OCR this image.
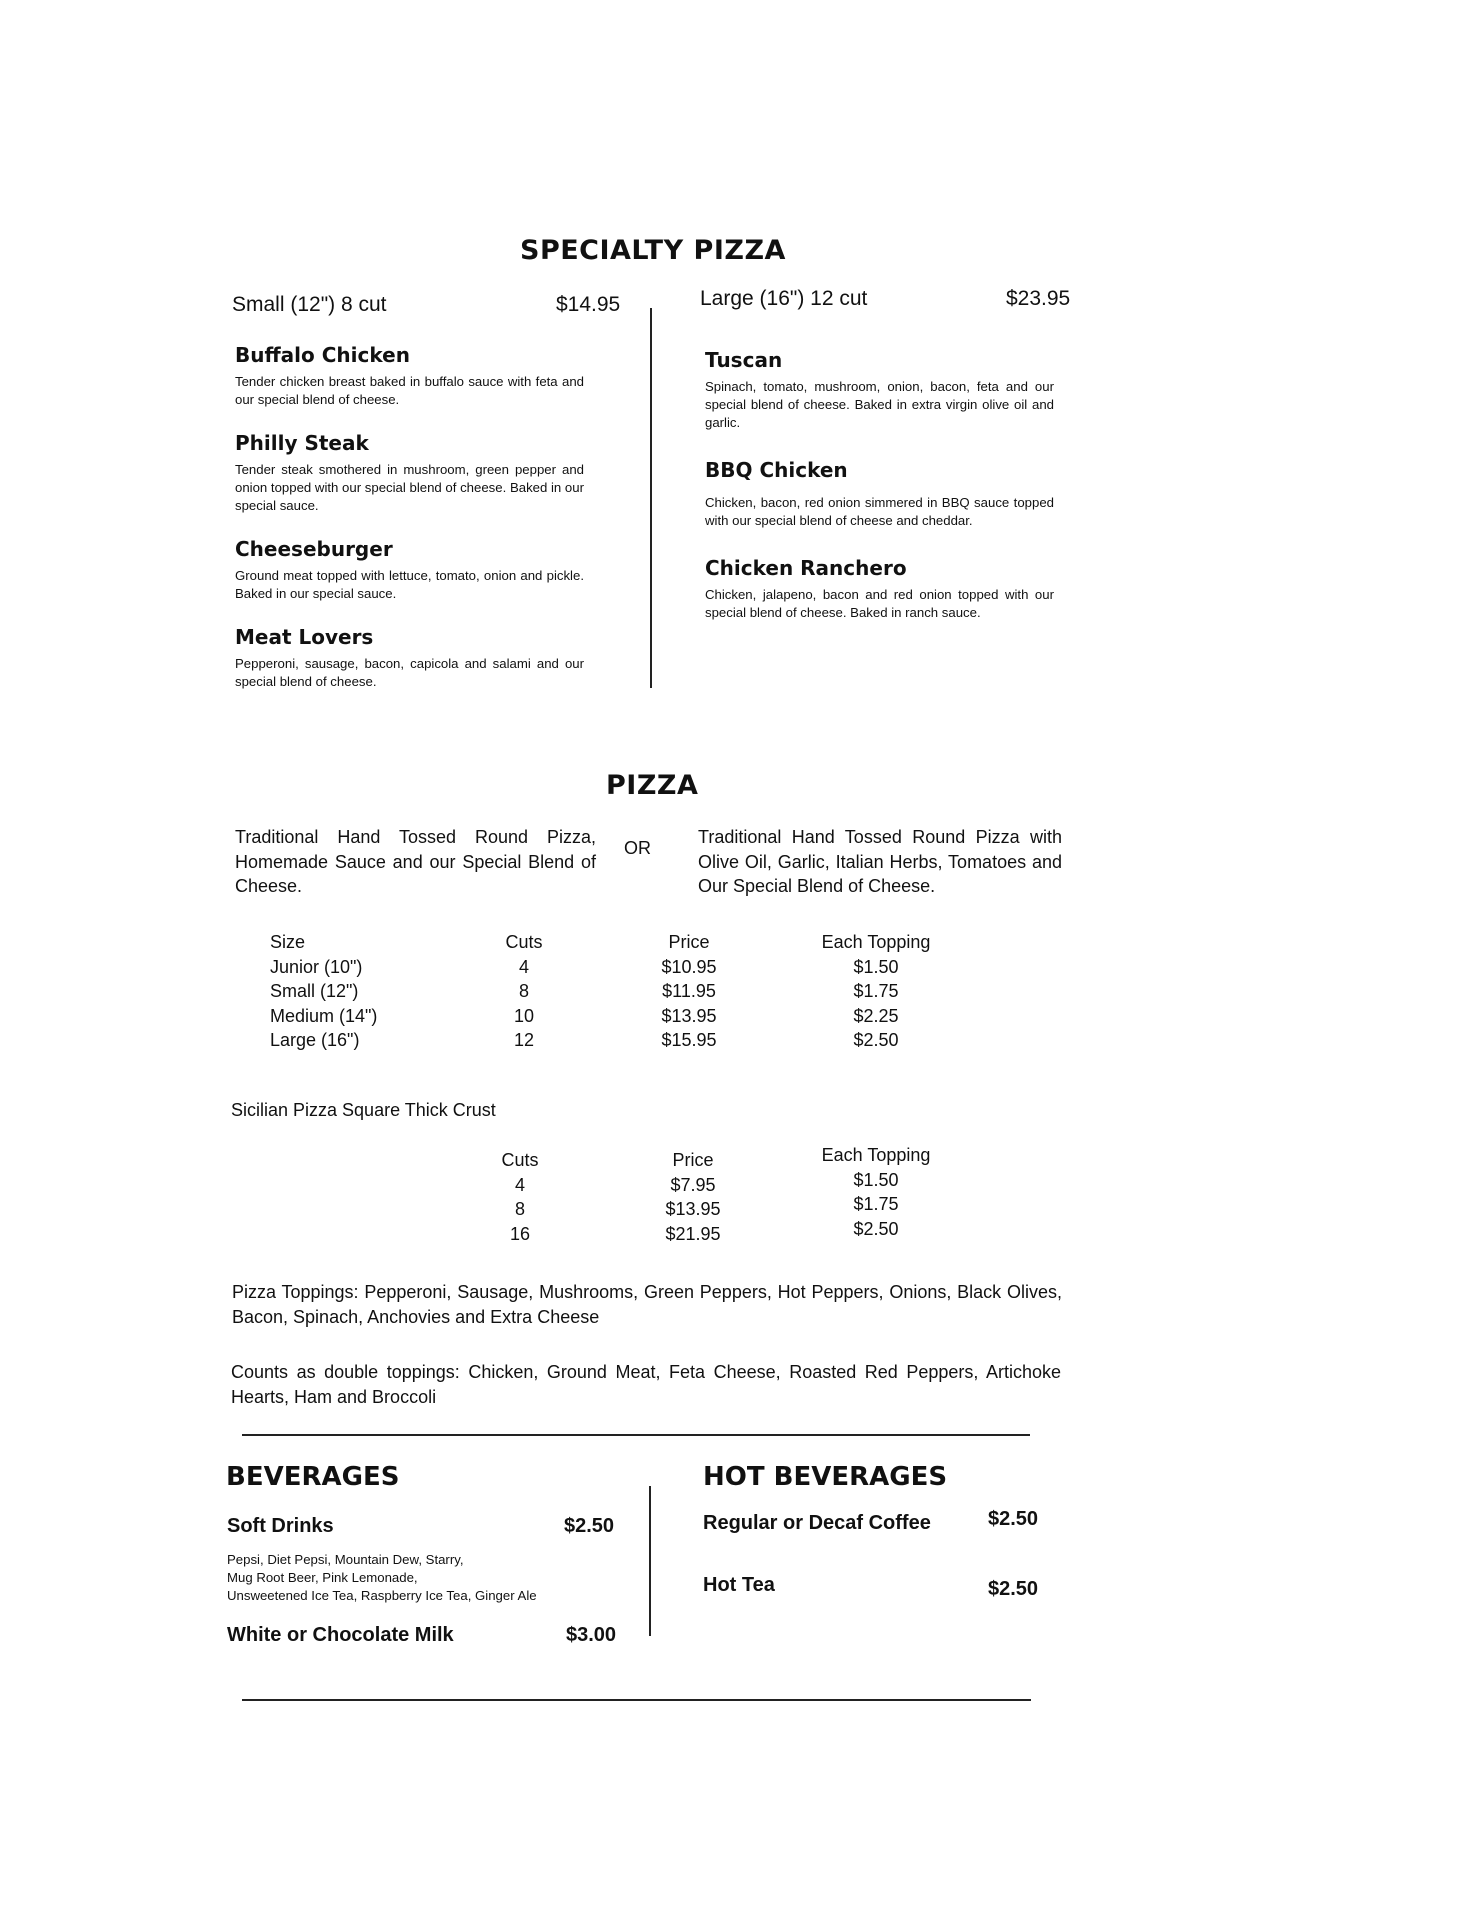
SPECIALTY PIZZA
Small (12") 8 cut	$14.95	Large (16") 12 cut	$23.95
Buffalo Chicken

Tender chicken breast baked in buffalo sauce with feta and our special blend of cheese.

Philly Steak

Tender steak smothered in mushroom, green pepper and onion topped with our special blend of cheese. Baked in our special sauce.

Cheeseburger

Ground meat topped with lettuce, tomato, onion and pickle. Baked in our special sauce.

Meat Lovers

Pepperoni, sausage, bacon, capicola and salami and our special blend of cheese.

Tuscan

Spinach, tomato, mushroom, onion, bacon, feta and our special blend of cheese. Baked in extra virgin olive oil and garlic.

BBQ Chicken

Chicken, bacon, red onion simmered in BBQ sauce topped with our special blend of cheese and cheddar.

Chicken Ranchero

Chicken, jalapeno, bacon and red onion topped with our special blend of cheese. Baked in ranch sauce.

PIZZA
Traditional Hand Tossed Round Pizza, Homemade Sauce and our Special Blend of Cheese.
OR
Traditional Hand Tossed Round Pizza with Olive Oil, Garlic, Italian Herbs, Tomatoes and Our Special Blend of Cheese.
Size	Cuts	Price	Each Topping
Junior (10")	4	$10.95	$1.50
Small (12")	8	$11.95	$1.75
Medium (14")	10	$13.95	$2.25
Large (16")	12	$15.95	$2.50
Sicilian Pizza Square Thick Crust
Cuts	Price	Each Topping
4	$7.95	$1.50
8	$13.95	$1.75
16	$21.95	$2.50
Pizza Toppings: Pepperoni, Sausage, Mushrooms, Green Peppers, Hot Peppers, Onions, Black Olives, Bacon, Spinach, Anchovies and Extra Cheese
Counts as double toppings: Chicken, Ground Meat, Feta Cheese, Roasted Red Peppers, Artichoke Hearts, Ham and Broccoli
BEVERAGES
Soft Drinks	$2.50
Pepsi, Diet Pepsi, Mountain Dew, Starry,
Mug Root Beer, Pink Lemonade,
Unsweetened Ice Tea, Raspberry Ice Tea, Ginger Ale
White or Chocolate Milk	$3.00
HOT BEVERAGES
Regular or Decaf Coffee	$2.50
Hot Tea	$2.50
